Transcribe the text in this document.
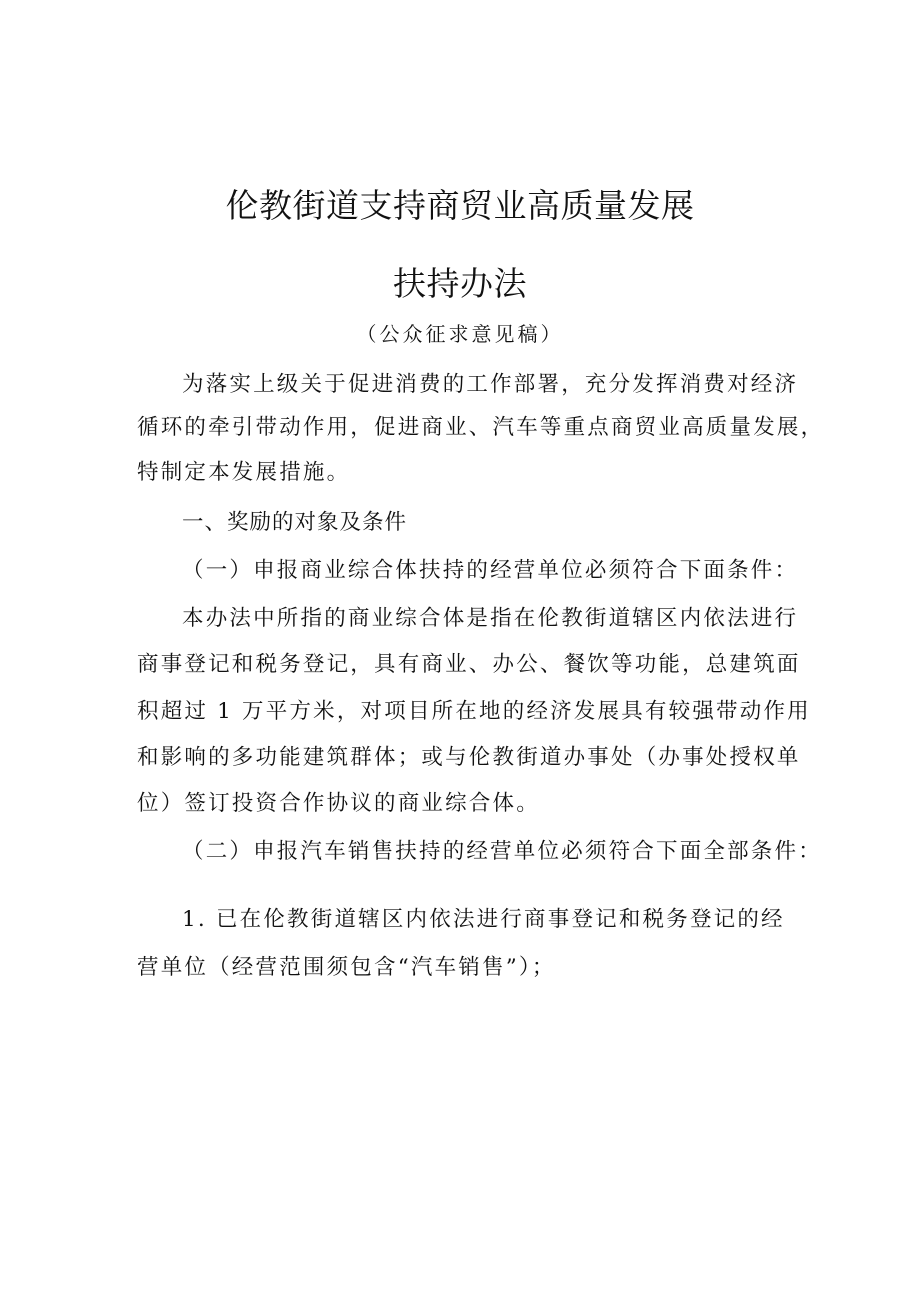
伦教街道支持商贸业高质量发展
扶持办法
（公众征求意见稿）
为落实上级关于促进消费的工作部署，充分发挥消费对经济
循环的牵引带动作用，促进商业、汽车等重点商贸业高质量发展，
特制定本发展措施。
一、奖励的对象及条件
（一）申报商业综合体扶持的经营单位必须符合下面条件：
本办法中所指的商业综合体是指在伦教街道辖区内依法进行
商事登记和税务登记，具有商业、办公、餐饮等功能，总建筑面
积超过 1 万平方米，对项目所在地的经济发展具有较强带动作用
和影响的多功能建筑群体；或与伦教街道办事处（办事处授权单
位）签订投资合作协议的商业综合体。
（二）申报汽车销售扶持的经营单位必须符合下面全部条件：
1. 已在伦教街道辖区内依法进行商事登记和税务登记的经
营单位（经营范围须包含“汽车销售”）；
